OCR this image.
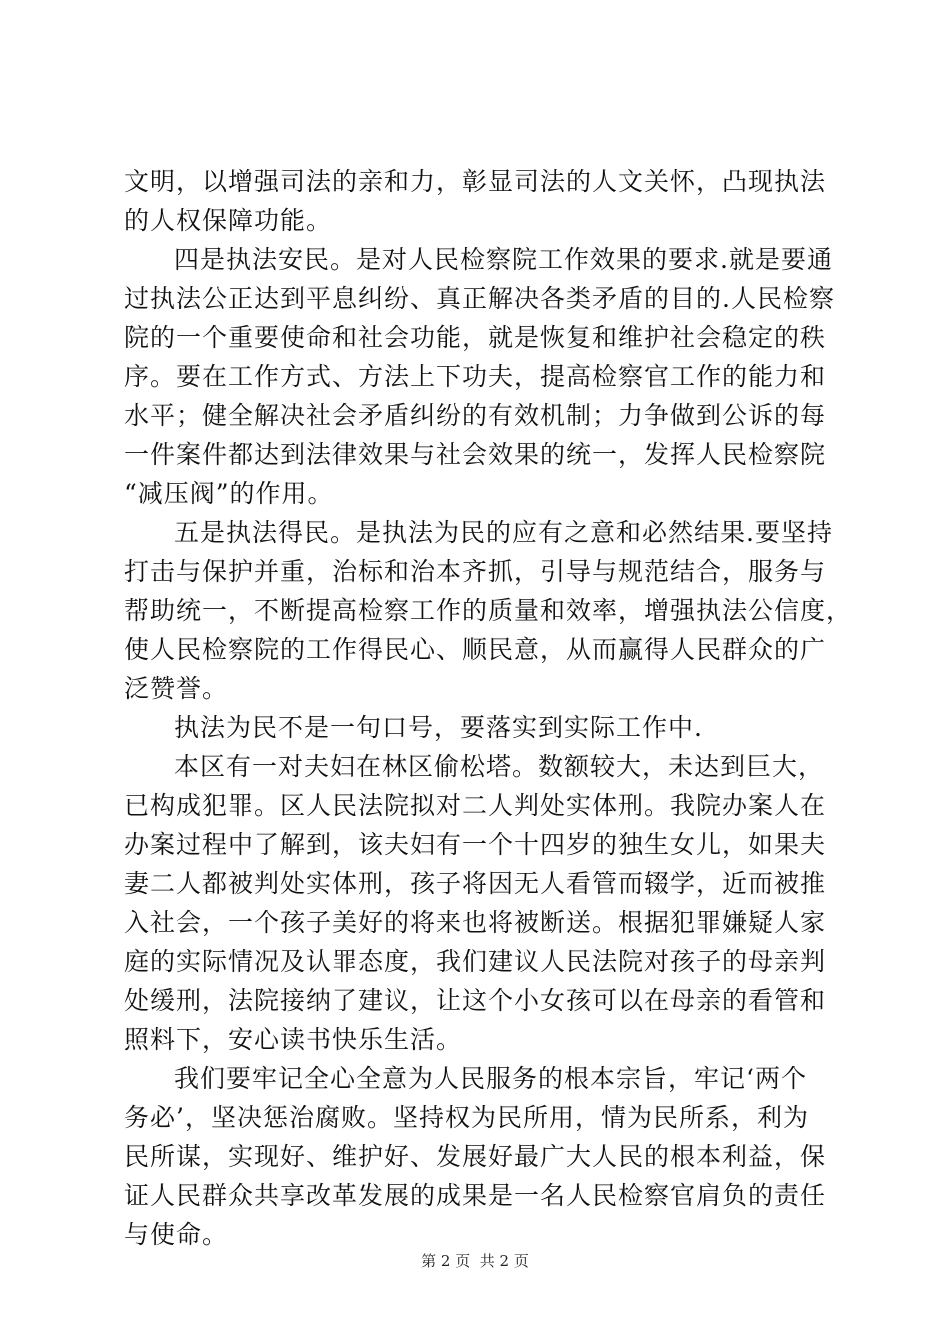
文明，以增强司法的亲和力，彰显司法的人文关怀，凸现执法
的人权保障功能。
四是执法安民。是对人民检察院工作效果的要求.就是要通
过执法公正达到平息纠纷、真正解决各类矛盾的目的.人民检察
院的一个重要使命和社会功能，就是恢复和维护社会稳定的秩
序。要在工作方式、方法上下功夫，提高检察官工作的能力和
水平；健全解决社会矛盾纠纷的有效机制；力争做到公诉的每
一件案件都达到法律效果与社会效果的统一，发挥人民检察院
“减压阀”的作用。
五是执法得民。是执法为民的应有之意和必然结果.要坚持
打击与保护并重，治标和治本齐抓，引导与规范结合，服务与
帮助统一，不断提高检察工作的质量和效率，增强执法公信度，
使人民检察院的工作得民心、顺民意，从而赢得人民群众的广
泛赞誉。
执法为民不是一句口号，要落实到实际工作中.
本区有一对夫妇在林区偷松塔。数额较大，未达到巨大，
已构成犯罪。区人民法院拟对二人判处实体刑。我院办案人在
办案过程中了解到，该夫妇有一个十四岁的独生女儿，如果夫
妻二人都被判处实体刑，孩子将因无人看管而辍学，近而被推
入社会，一个孩子美好的将来也将被断送。根据犯罪嫌疑人家
庭的实际情况及认罪态度，我们建议人民法院对孩子的母亲判
处缓刑，法院接纳了建议，让这个小女孩可以在母亲的看管和
照料下，安心读书快乐生活。
我们要牢记全心全意为人民服务的根本宗旨，牢记‘两个
务必’，坚决惩治腐败。坚持权为民所用，情为民所系，利为
民所谋，实现好、维护好、发展好最广大人民的根本利益，保
证人民群众共享改革发展的成果是一名人民检察官肩负的责任
与使命。
第 2 页 共 2 页
